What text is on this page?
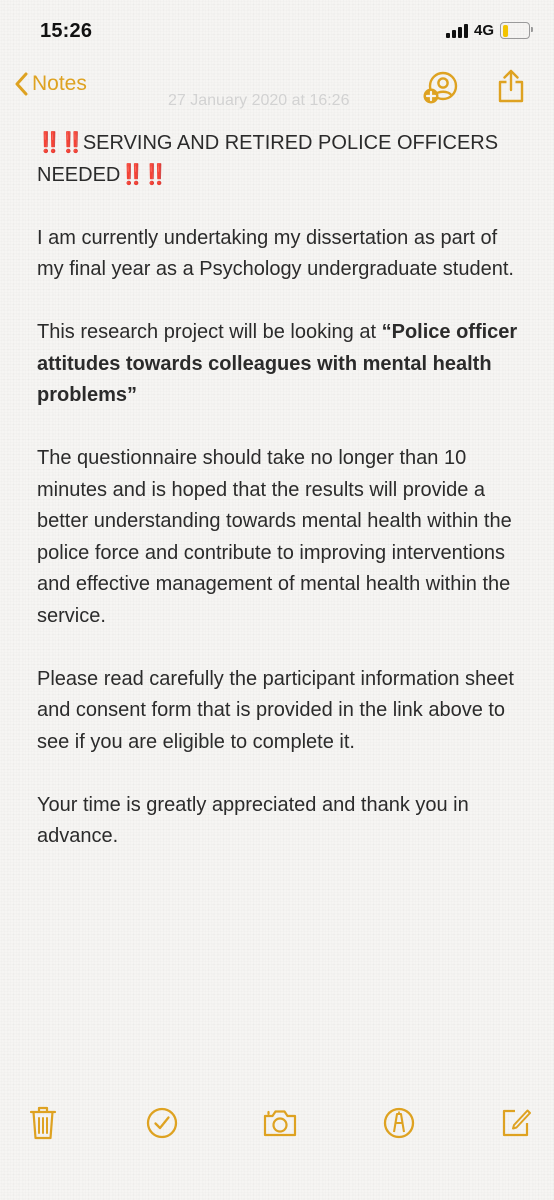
15:26	4G
Notes
27 January 2020 at 16:26

‼️‼️SERVING AND RETIRED POLICE OFFICERS NEEDED‼️‼️

I am currently undertaking my dissertation as part of my final year as a Psychology undergraduate student.

This research project will be looking at “Police officer attitudes towards colleagues with mental health problems”

The questionnaire should take no longer than 10 minutes and is hoped that the results will provide a better understanding towards mental health within the police force and contribute to improving interventions and effective management of mental health within the service.

Please read carefully the participant information sheet and consent form that is provided in the link above to see if you are eligible to complete it.

Your time is greatly appreciated and thank you in advance.
